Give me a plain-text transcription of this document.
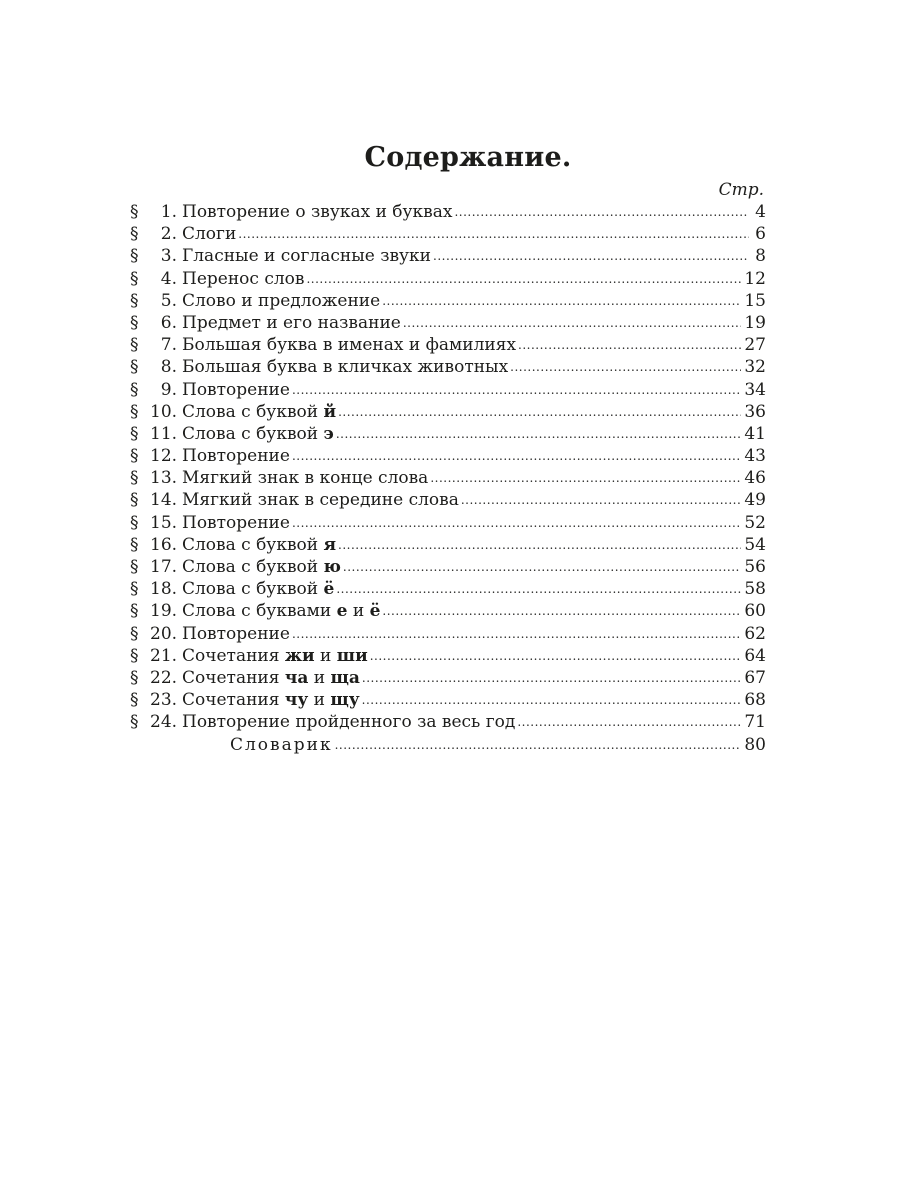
Содержание.
Стр.
§	1. Повторение о звуках и буквах .....	4
§	2. Слоги .....	6
§	3. Гласные и согласные звуки .....	8
§	4. Перенос слов .....	12
§	5. Слово и предложение .....	15
§	6. Предмет и его название .....	19
§	7. Большая буква в именах и фамилиях .....	27
§	8. Большая буква в кличках животных .....	32
§	9. Повторение .....	34
§ 10. Слова с буквой й .....	36
§ 11. Слова с буквой э .....	41
§ 12. Повторение .....	43
§ 13. Мягкий знак в конце слова .....	46
§ 14. Мягкий знак в середине слова .....	49
§ 15. Повторение .....	52
§ 16. Слова с буквой я .....	54
§ 17. Слова с буквой ю .....	56
§ 18. Слова с буквой ё .....	58
§ 19. Слова с буквами е и ё .....	60
§ 20. Повторение .....	62
§ 21. Сочетания жи и ши .....	64
§ 22. Сочетания ча и ща .....	67
§ 23. Сочетания чу и щу .....	68
§ 24. Повторение пройденного за весь год .....	71
Словарик .....	80
